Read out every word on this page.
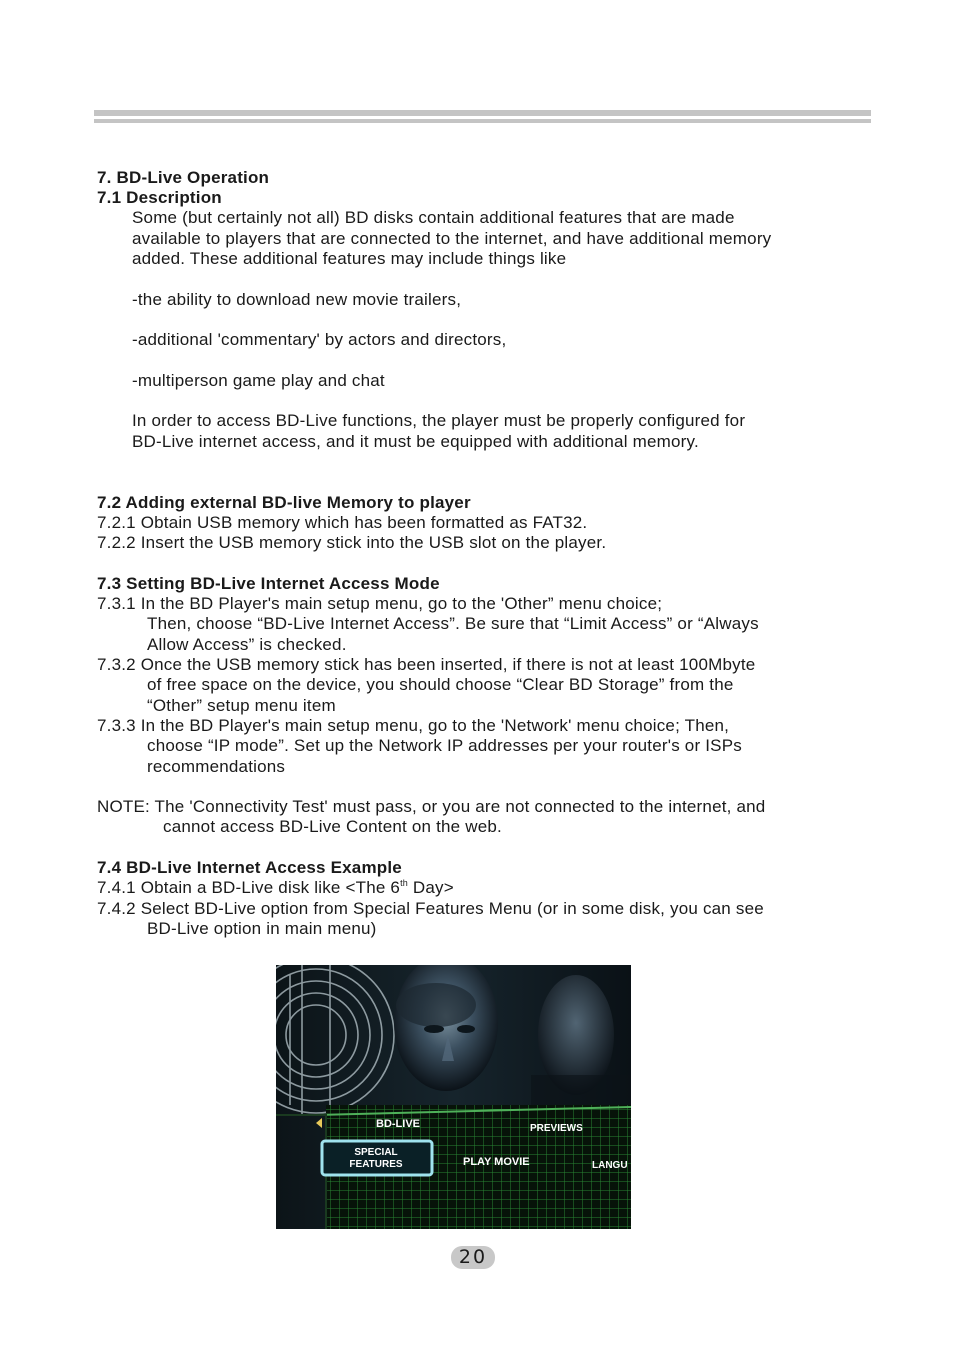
7. BD-Live Operation
7.1 Description
Some (but certainly not all) BD disks contain additional features that are made
available to players that are connected to the internet, and have additional memory
added. These additional features may include things like
-the ability to download new movie trailers,
-additional 'commentary' by actors and directors,
-multiperson game play and chat
In order to access BD-Live functions, the player must be properly configured for
BD-Live internet access, and it must be equipped with additional memory.
7.2 Adding external BD-live Memory to player
7.2.1 Obtain USB memory which has been formatted as FAT32.
7.2.2 Insert the USB memory stick into the USB slot on the player.
7.3 Setting BD-Live Internet Access Mode
7.3.1 In the BD Player's main setup menu, go to the 'Other” menu choice;
Then, choose “BD-Live Internet Access”. Be sure that “Limit Access” or “Always
Allow Access” is checked.
7.3.2 Once the USB memory stick has been inserted, if there is not at least 100Mbyte
of free space on the device, you should choose “Clear BD Storage” from the
“Other” setup menu item
7.3.3 In the BD Player's main setup menu, go to the 'Network' menu choice; Then,
choose “IP mode”. Set up the Network IP addresses per your router's or ISPs
recommendations
NOTE: The 'Connectivity Test' must pass, or you are not connected to the internet, and
cannot access BD-Live Content on the web.
7.4 BD-Live Internet Access Example
7.4.1 Obtain a BD-Live disk like <The 6th Day>
7.4.2 Select BD-Live option from Special Features Menu (or in some disk, you can see
BD-Live option in main menu)
BD-LIVE	PREVIEWS
SPECIAL
FEATURES	PLAY MOVIE	LANGU
20
